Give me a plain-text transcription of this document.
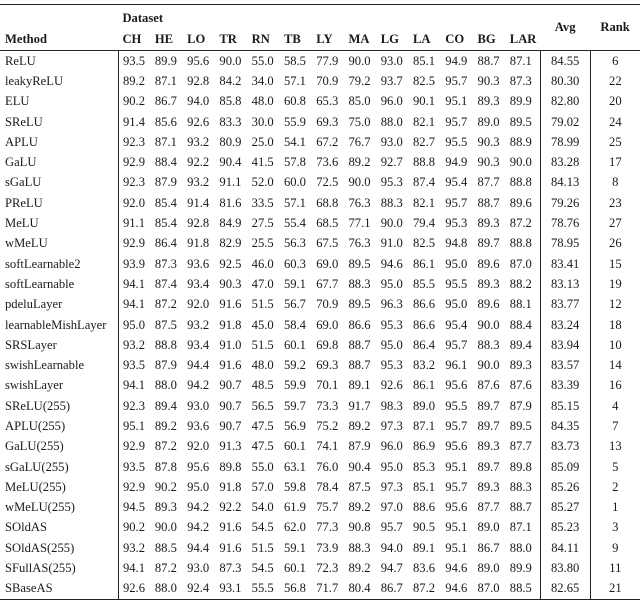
	Dataset													Avg	Rank
Method	CH	HE	LO	TR	RN	TB	LY	MA	LG	LA	CO	BG	LAR		
ReLU	93.5	89.9	95.6	90.0	55.0	58.5	77.9	90.0	93.0	85.1	94.9	88.7	87.1	84.55	6
leakyReLU	89.2	87.1	92.8	84.2	34.0	57.1	70.9	79.2	93.7	82.5	95.7	90.3	87.3	80.30	22
ELU	90.2	86.7	94.0	85.8	48.0	60.8	65.3	85.0	96.0	90.1	95.1	89.3	89.9	82.80	20
SReLU	91.4	85.6	92.6	83.3	30.0	55.9	69.3	75.0	88.0	82.1	95.7	89.0	89.5	79.02	24
APLU	92.3	87.1	93.2	80.9	25.0	54.1	67.2	76.7	93.0	82.7	95.5	90.3	88.9	78.99	25
GaLU	92.9	88.4	92.2	90.4	41.5	57.8	73.6	89.2	92.7	88.8	94.9	90.3	90.0	83.28	17
sGaLU	92.3	87.9	93.2	91.1	52.0	60.0	72.5	90.0	95.3	87.4	95.4	87.7	88.8	84.13	8
PReLU	92.0	85.4	91.4	81.6	33.5	57.1	68.8	76.3	88.3	82.1	95.7	88.7	89.6	79.26	23
MeLU	91.1	85.4	92.8	84.9	27.5	55.4	68.5	77.1	90.0	79.4	95.3	89.3	87.2	78.76	27
wMeLU	92.9	86.4	91.8	82.9	25.5	56.3	67.5	76.3	91.0	82.5	94.8	89.7	88.8	78.95	26
softLearnable2	93.9	87.3	93.6	92.5	46.0	60.3	69.0	89.5	94.6	86.1	95.0	89.6	87.0	83.41	15
softLearnable	94.1	87.4	93.4	90.3	47.0	59.1	67.7	88.3	95.0	85.5	95.5	89.3	88.2	83.13	19
pdeluLayer	94.1	87.2	92.0	91.6	51.5	56.7	70.9	89.5	96.3	86.6	95.0	89.6	88.1	83.77	12
learnableMishLayer	95.0	87.5	93.2	91.8	45.0	58.4	69.0	86.6	95.3	86.6	95.4	90.0	88.4	83.24	18
SRSLayer	93.2	88.8	93.4	91.0	51.5	60.1	69.8	88.7	95.0	86.4	95.7	88.3	89.4	83.94	10
swishLearnable	93.5	87.9	94.4	91.6	48.0	59.2	69.3	88.7	95.3	83.2	96.1	90.0	89.3	83.57	14
swishLayer	94.1	88.0	94.2	90.7	48.5	59.9	70.1	89.1	92.6	86.1	95.6	87.6	87.6	83.39	16
SReLU(255)	92.3	89.4	93.0	90.7	56.5	59.7	73.3	91.7	98.3	89.0	95.5	89.7	87.9	85.15	4
APLU(255)	95.1	89.2	93.6	90.7	47.5	56.9	75.2	89.2	97.3	87.1	95.7	89.7	89.5	84.35	7
GaLU(255)	92.9	87.2	92.0	91.3	47.5	60.1	74.1	87.9	96.0	86.9	95.6	89.3	87.7	83.73	13
sGaLU(255)	93.5	87.8	95.6	89.8	55.0	63.1	76.0	90.4	95.0	85.3	95.1	89.7	89.8	85.09	5
MeLU(255)	92.9	90.2	95.0	91.8	57.0	59.8	78.4	87.5	97.3	85.1	95.7	89.3	88.3	85.26	2
wMeLU(255)	94.5	89.3	94.2	92.2	54.0	61.9	75.7	89.2	97.0	88.6	95.6	87.7	88.7	85.27	1
SOldAS	90.2	90.0	94.2	91.6	54.5	62.0	77.3	90.8	95.7	90.5	95.1	89.0	87.1	85.23	3
SOldAS(255)	93.2	88.5	94.4	91.6	51.5	59.1	73.9	88.3	94.0	89.1	95.1	86.7	88.0	84.11	9
SFullAS(255)	94.1	87.2	93.0	87.3	54.5	60.1	72.3	89.2	94.7	83.6	94.6	89.0	89.9	83.80	11
SBaseAS	92.6	88.0	92.4	93.1	55.5	56.8	71.7	80.4	86.7	87.2	94.6	87.0	88.5	82.65	21
